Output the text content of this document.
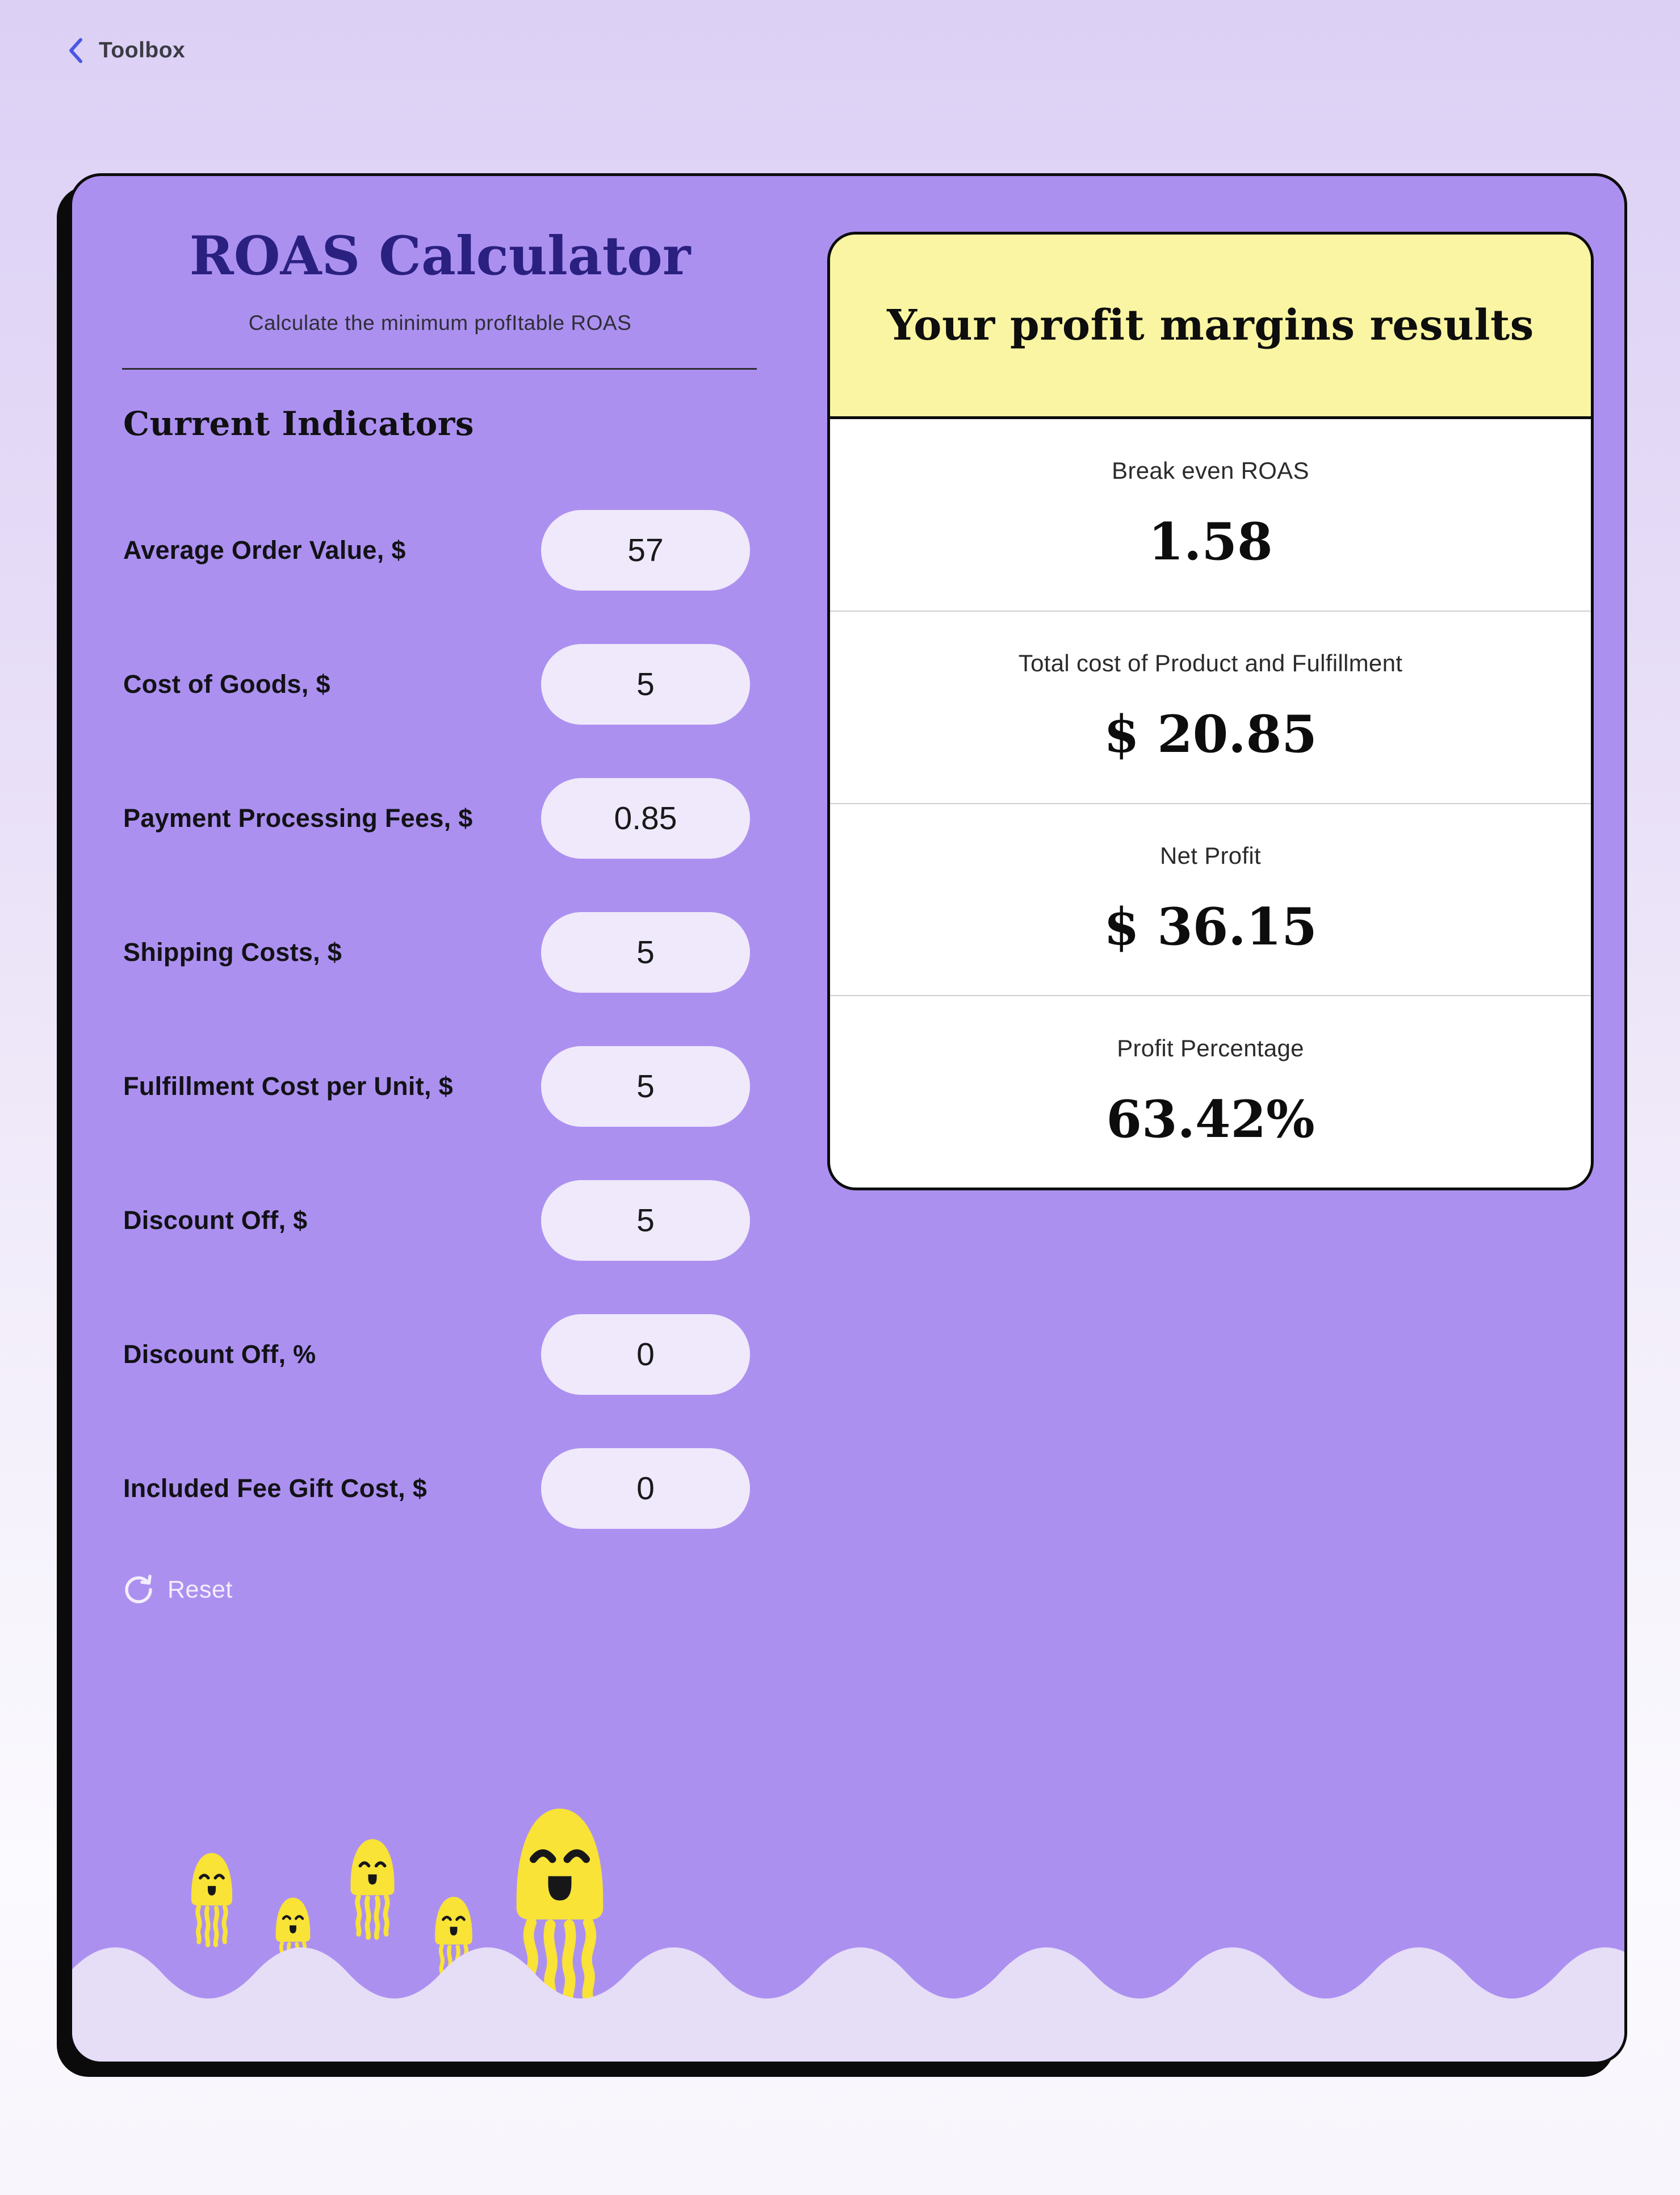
Toolbox
ROAS Calculator
Calculate the minimum profItable ROAS
Current Indicators
Average Order Value, $
57
Cost of Goods, $
5
Payment Processing Fees, $
0.85
Shipping Costs, $
5
Fulfillment Cost per Unit, $
5
Discount Off, $
5
Discount Off, %
0
Included Fee Gift Cost, $
0
Reset
Your profit margins results
Break even ROAS
1.58
Total cost of Product and Fulfillment
$ 20.85
Net Profit
$ 36.15
Profit Percentage
63.42%
